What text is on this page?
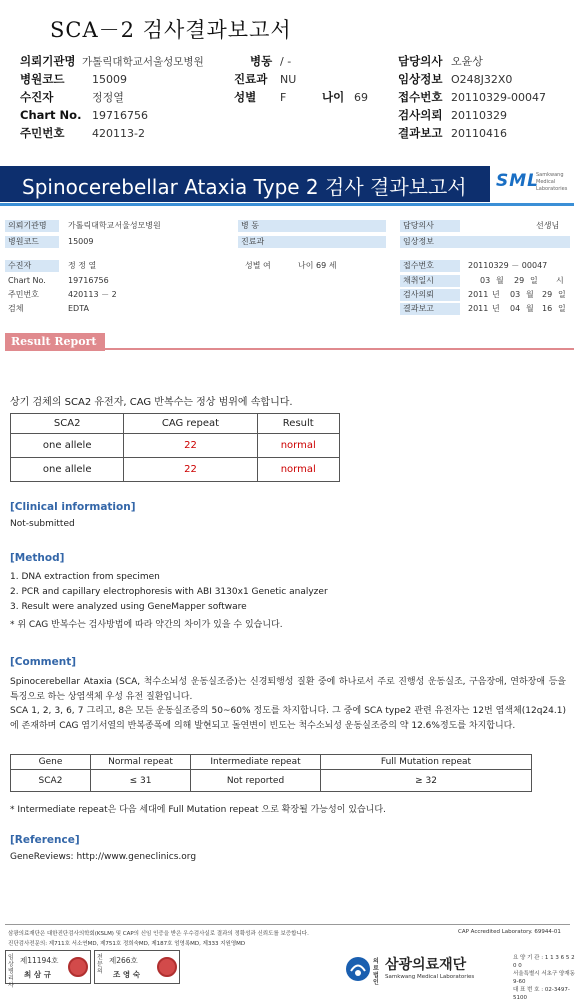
SCA－2 검사결과보고서
의뢰기관명 가톨릭대학교서울성모병원	병동 / -	담당의사 오윤상
병원코드	15009	진료과	NU	임상정보 O248J32X0
수진자	정정열	성별	F	나이 69	접수번호 20110329-00047
Chart No. 19716756	검사의뢰 20110329
주민번호	420113-2	결과보고 20110416
Spinocerebellar Ataxia Type 2 검사 결과보고서 SML
Samkwang Medical Laboratories
의뢰기관명	가톨릭대학교서울성모병원	병 동	담당의사	선생님
병원코드	15009	진료과	임상정보
수진자	정 정 열	성별 여	나이 69 세	접수번호	20110329 － 00047
Chart No.	19716756	채취일시	03 월 29 일 시
주민번호	420113 － 2	검사의뢰	2011 년 03 월 29 일
검체	EDTA	결과보고	2011 년 04 월 16 일
Result Report
상기 검체의 SCA2 유전자, CAG 반복수는 정상 범위에 속합니다.
SCA2	CAG repeat	Result
one allele	22	normal
one allele	22	normal
[Clinical information]
Not-submitted
[Method]
1. DNA extraction from specimen
2. PCR and capillary electrophoresis with ABI 3130x1 Genetic analyzer
3. Result were analyzed using GeneMapper software
* 위 CAG 반복수는 검사방법에 따라 약간의 차이가 있을 수 있습니다.
[Comment]
Spinocerebellar Ataxia (SCA, 척수소뇌성 운동실조증)는 신경퇴행성 질환 중에 하나로서 주로 진행성 운동실조, 구음장애, 연하장애 등을 특징으로 하는 상염색체 우성 유전 질환입니다.
SCA 1, 2, 3, 6, 7 그리고, 8은 모든 운동실조증의 50~60% 정도를 차지합니다. 그 중에 SCA type2 관련 유전자는 12번 염색체(12q24.1)에 존재하며 CAG 염기서열의 반복종폭에 의해 발현되고 돌연변이 빈도는 척수소뇌성 운동실조증의 약 12.6%정도를 차지합니다.
Gene	Normal repeat	Intermediate repeat	Full Mutation repeat
SCA2	≤ 31	Not reported	≥ 32
* Intermediate repeat은 다음 세대에 Full Mutation repeat 으로 확장될 가능성이 있습니다.
[Reference]
GeneReviews: http://www.geneclinics.org
삼광의료재단은 대한진단검사의학회(KSLM) 및 CAP의 신임 인증을 받은 우수검사실로 결과의 정확성과 신뢰도를 보증합니다.
진단검사전문의: 제711호 서소연MD, 제751호 정희숙MD, 제187호 엄영록MD, 제333 지원영MD
CAP Accredited Laboratory. 69944-01
임상병리사
제11194호
최 삼 규
전문의
제266호
조 영 숙
의료법인
삼광의료재단
Samkwang Medical Laboratories
요 양 기 관 : 1 1 3 6 5 2 0 0
서울특별시 서초구 양재동 9-60
대 표 번 호 : 02-3497-5100
